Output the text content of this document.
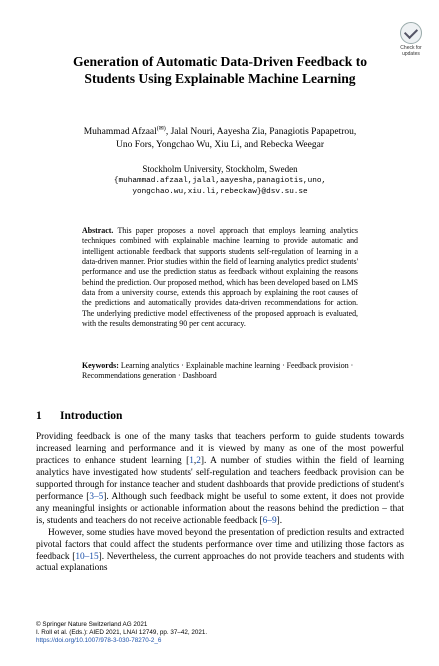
Check for
updates
Generation of Automatic Data-Driven Feedback to Students Using Explainable Machine Learning
Muhammad Afzaal(✉), Jalal Nouri, Aayesha Zia, Panagiotis Papapetrou,
Uno Fors, Yongchao Wu, Xiu Li, and Rebecka Weegar
Stockholm University, Stockholm, Sweden
{muhammad.afzaal,jalal,aayesha,panagiotis,uno,
yongchao.wu,xiu.li,rebeckaw}@dsv.su.se
Abstract. This paper proposes a novel approach that employs learning analytics techniques combined with explainable machine learning to provide automatic and intelligent actionable feedback that supports students self-regulation of learning in a data-driven manner. Prior studies within the field of learning analytics predict students' performance and use the prediction status as feedback without explaining the reasons behind the prediction. Our proposed method, which has been developed based on LMS data from a university course, extends this approach by explaining the root causes of the predictions and automatically provides data-driven recommendations for action. The underlying predictive model effectiveness of the proposed approach is evaluated, with the results demonstrating 90 per cent accuracy.
Keywords: Learning analytics · Explainable machine learning · Feedback provision · Recommendations generation · Dashboard
1 Introduction

Providing feedback is one of the many tasks that teachers perform to guide students towards increased learning and performance and it is viewed by many as one of the most powerful practices to enhance student learning [1,2]. A number of studies within the field of learning analytics have investigated how students' self-regulation and teachers feedback provision can be supported through for instance teacher and student dashboards that provide predictions of student's performance [3–5]. Although such feedback might be useful to some extent, it does not provide any meaningful insights or actionable information about the reasons behind the prediction – that is, students and teachers do not receive actionable feedback [6–9].

However, some studies have moved beyond the presentation of prediction results and extracted pivotal factors that could affect the students performance over time and utilizing those factors as feedback [10–15]. Nevertheless, the current approaches do not provide teachers and students with actual explanations

© Springer Nature Switzerland AG 2021
I. Roll et al. (Eds.): AIED 2021, LNAI 12749, pp. 37–42, 2021.
https://doi.org/10.1007/978-3-030-78270-2_6
